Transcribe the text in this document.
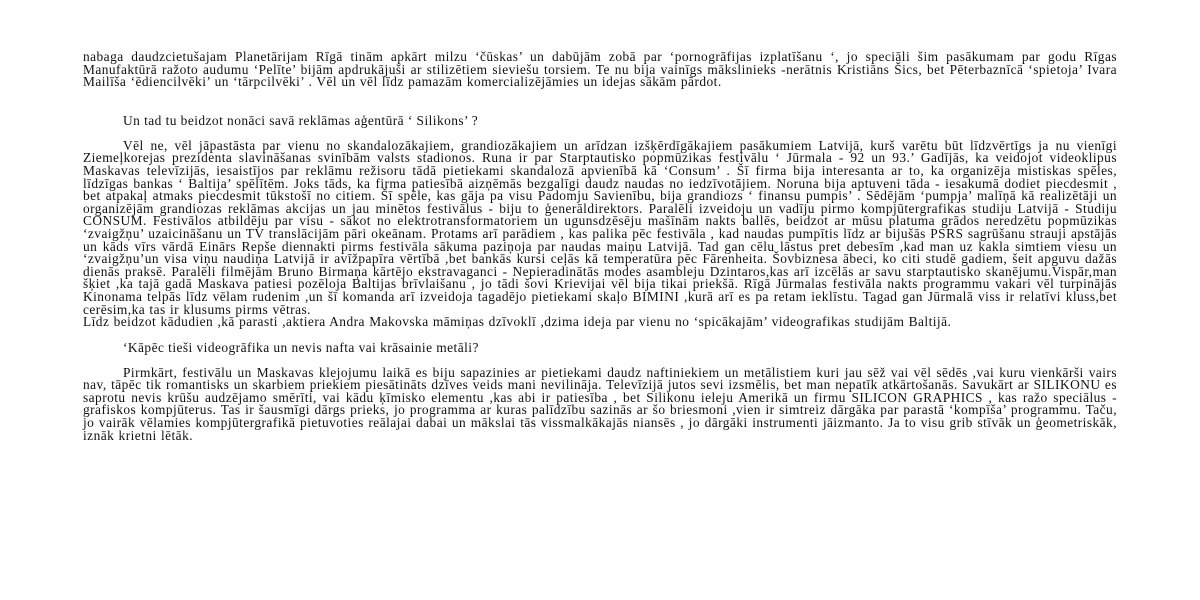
nabaga daudzcietušajam Planetārijam Rīgā tinām apkārt milzu ‘čūskas’ un dabūjām zobā par ‘pornogrāfijas izplatīšanu ‘, jo speciāli šim pasākumam par godu Rīgas Manufaktūrā ražoto audumu ‘Pelīte’ bijām apdrukājuši ar stilizētiem sieviešu torsiem. Te nu bija vainīgs mākslinieks -nerātnis Kristiāns Šics, bet Pēterbaznīcā ‘spietoja’ Ivara Mailīša ‘ēdiencilvēki’ un ‘tārpcilvēki’ . Vēl un vēl līdz pamazām komercializējāmies un idejas sākām pārdot.

Un tad tu beidzot nonāci savā reklāmas aģentūrā ‘ Silikons’ ?

Vēl ne, vēl jāpastāsta par vienu no skandalozākajiem, grandiozākajiem un arīdzan izšķērdīgākajiem pasākumiem Latvijā, kurš varētu būt līdzvērtīgs ja nu vienīgi Ziemeļkorejas prezidenta slavināšanas svinībām valsts stadionos. Runa ir par Starptautisko popmūzikas festivālu ‘ Jūrmala - 92 un 93.’ Gadījās, ka veidojot videoklipus Maskavas televīzijās, iesaistījos par reklāmu režisoru tādā pietiekami skandalozā apvienībā kā ‘Consum’ . Šī firma bija interesanta ar to, ka organizēja mistiskas spēles, līdzīgas bankas ‘ Baltija’ spēlītēm. Joks tāds, ka firma patiesībā aizņēmās bezgalīgi daudz naudas no iedzīvotājiem. Noruna bija aptuveni tāda - iesakumā dodiet piecdesmit , bet atpakaļ atmaks piecdesmit tūkstošī no citiem. Šī spēle, kas gāja pa visu Padomju Savienību, bija grandiozs ‘ finansu pumpis’ . Sēdējām ‘pumpja’ malīņā kā realizētāji un organizējām grandiozas reklāmas akcijas un jau minētos festivālus - biju to ģenerāldirektors. Paralēli izveidoju un vadīju pirmo kompjūtergrafikas studiju Latvijā - Studiju CONSUM. Festivālos atbildēju par visu - sākot no elektrotransformatoriem un ugunsdzēsēju mašīnām nakts ballēs, beidzot ar mūsu platuma grādos neredzētu popmūzikas ‘zvaigžņu’ uzaicināšanu un TV translācijām pāri okeānam. Protams arī parādiem , kas palika pēc festivāla , kad naudas pumpītis līdz ar bijušās PSRS sagrūšanu strauji apstājās un kāds vīrs vārdā Einārs Repše diennakti pirms festivāla sākuma paziņoja par naudas maiņu Latvijā. Tad gan cēlu lāstus pret debesīm ,kad man uz kakla simtiem viesu un ‘zvaigžņu’un visa viņu naudiņa Latvijā ir avīžpapīra vērtībā ,bet bankās kursi ceļās kā temperatūra pēc Fārenheita. Šovbiznesa ābeci, ko citi studē gadiem, šeit apguvu dažās dienās praksē. Paralēli filmējām Bruno Birmaņa kārtējo ekstravaganci - Nepieradinātās modes asambleju Dzintaros,kas arī izcēlās ar savu starptautisko skanējumu.Vispār,man šķiet ,ka tajā gadā Maskava patiesi pozēloja Baltijas brīvlaišanu , jo tādi šovi Krievijai vēl bija tikai priekšā. Rīgā Jūrmalas festivāla nakts programmu vakari vēl turpinājās Kinonama telpās līdz vēlam rudenim ,un šī komanda arī izveidoja tagadējo pietiekami skaļo BIMINI ,kurā arī es pa retam ieklīstu. Tagad gan Jūrmalā viss ir relatīvi kluss,bet cerēsim,ka tas ir klusums pirms vētras.

Līdz beidzot kādudien ,kā parasti ,aktiera Andra Makovska māmiņas dzīvoklī ,dzima ideja par vienu no ‘spicākajām’ videografikas studijām Baltijā.

‘Kāpēc tieši videogrāfika un nevis nafta vai krāsainie metāli?

Pirmkārt, festivālu un Maskavas klejojumu laikā es biju sapazinies ar pietiekami daudz naftiniekiem un metālistiem kuri jau sēž vai vēl sēdēs ,vai kuru vienkārši vairs nav, tāpēc tik romantisks un skarbiem priekiem piesātināts dzīves veids mani nevilināja. Televīzijā jutos sevi izsmēlis, bet man nepatīk atkārtošanās. Savukārt ar SILIKONU es saprotu nevis krūšu audzējamo smērīti, vai kādu ķīmisko elementu ,kas abi ir patiesība , bet Silikonu ieleju Amerikā un firmu SILICON GRAPHICS , kas ražo speciālus - grafiskos kompjūterus. Tas ir šausmīgi dārgs prieks, jo programma ar kuras palīdzību sazinās ar šo briesmoni ,vien ir simtreiz dārgāka par parastā ‘kompīša’ programmu. Taču, jo vairāk vēlamies kompjūtergrafikā pietuvoties reālajai dabai un mākslai tās vissmalkākajās niansēs , jo dārgāki instrumenti jāizmanto. Ja to visu grib stīvāk un ģeometriskāk, iznāk krietni lētāk.
